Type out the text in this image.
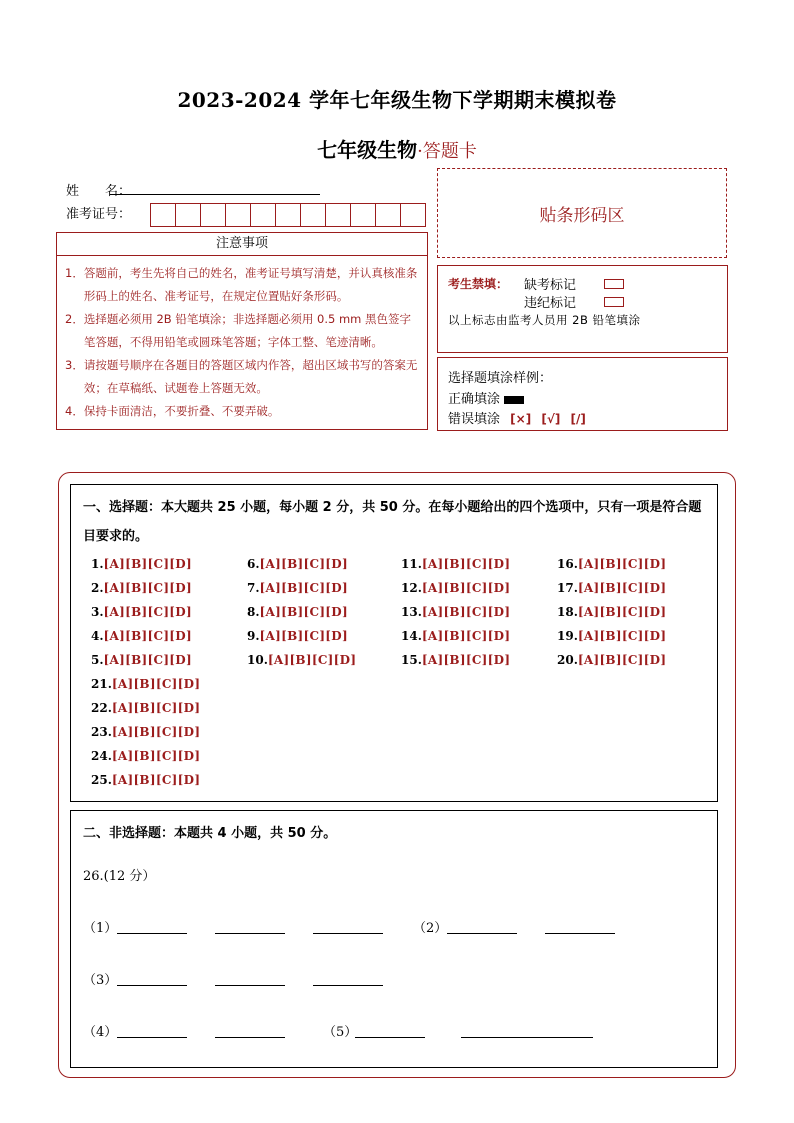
2023-2024 学年七年级生物下学期期末模拟卷
七年级生物·答题卡
姓　　名：
准考证号：	贴条形码区
注意事项
1． 答题前，考生先将自己的姓名，准考证号填写清楚，并认真核准条形码上的姓名、准考证号，在规定位置贴好条形码。
2． 选择题必须用 2B 铅笔填涂；非选择题必须用 0.5 mm 黑色签字笔答题，不得用铅笔或圆珠笔答题；字体工整、笔迹清晰。
3． 请按题号顺序在各题目的答题区域内作答，超出区域书写的答案无效；在草稿纸、试题卷上答题无效。
4． 保持卡面清洁，不要折叠、不要弄破。
考生禁填： 缺考标记
违纪标记
以上标志由监考人员用 2B 铅笔填涂
选择题填涂样例：
正确填涂
错误填涂 [×] [√] [/]
一、选择题：本大题共 25 小题，每小题 2 分，共 50 分。在每小题给出的四个选项中，只有一项是符合题目要求的。
1.[A][B][C][D]
2.[A][B][C][D]
3.[A][B][C][D]
4.[A][B][C][D]
5.[A][B][C][D]
6.[A][B][C][D]
7.[A][B][C][D]
8.[A][B][C][D]
9.[A][B][C][D]
10.[A][B][C][D]
11.[A][B][C][D]
12.[A][B][C][D]
13.[A][B][C][D]
14.[A][B][C][D]
15.[A][B][C][D]
16.[A][B][C][D]
17.[A][B][C][D]
18.[A][B][C][D]
19.[A][B][C][D]
20.[A][B][C][D]
21.[A][B][C][D]
22.[A][B][C][D]
23.[A][B][C][D]
24.[A][B][C][D]
25.[A][B][C][D]
二、非选择题：本题共 4 小题，共 50 分。
26.(12 分）
（1）	（2）
（3）
（4）	（5）
